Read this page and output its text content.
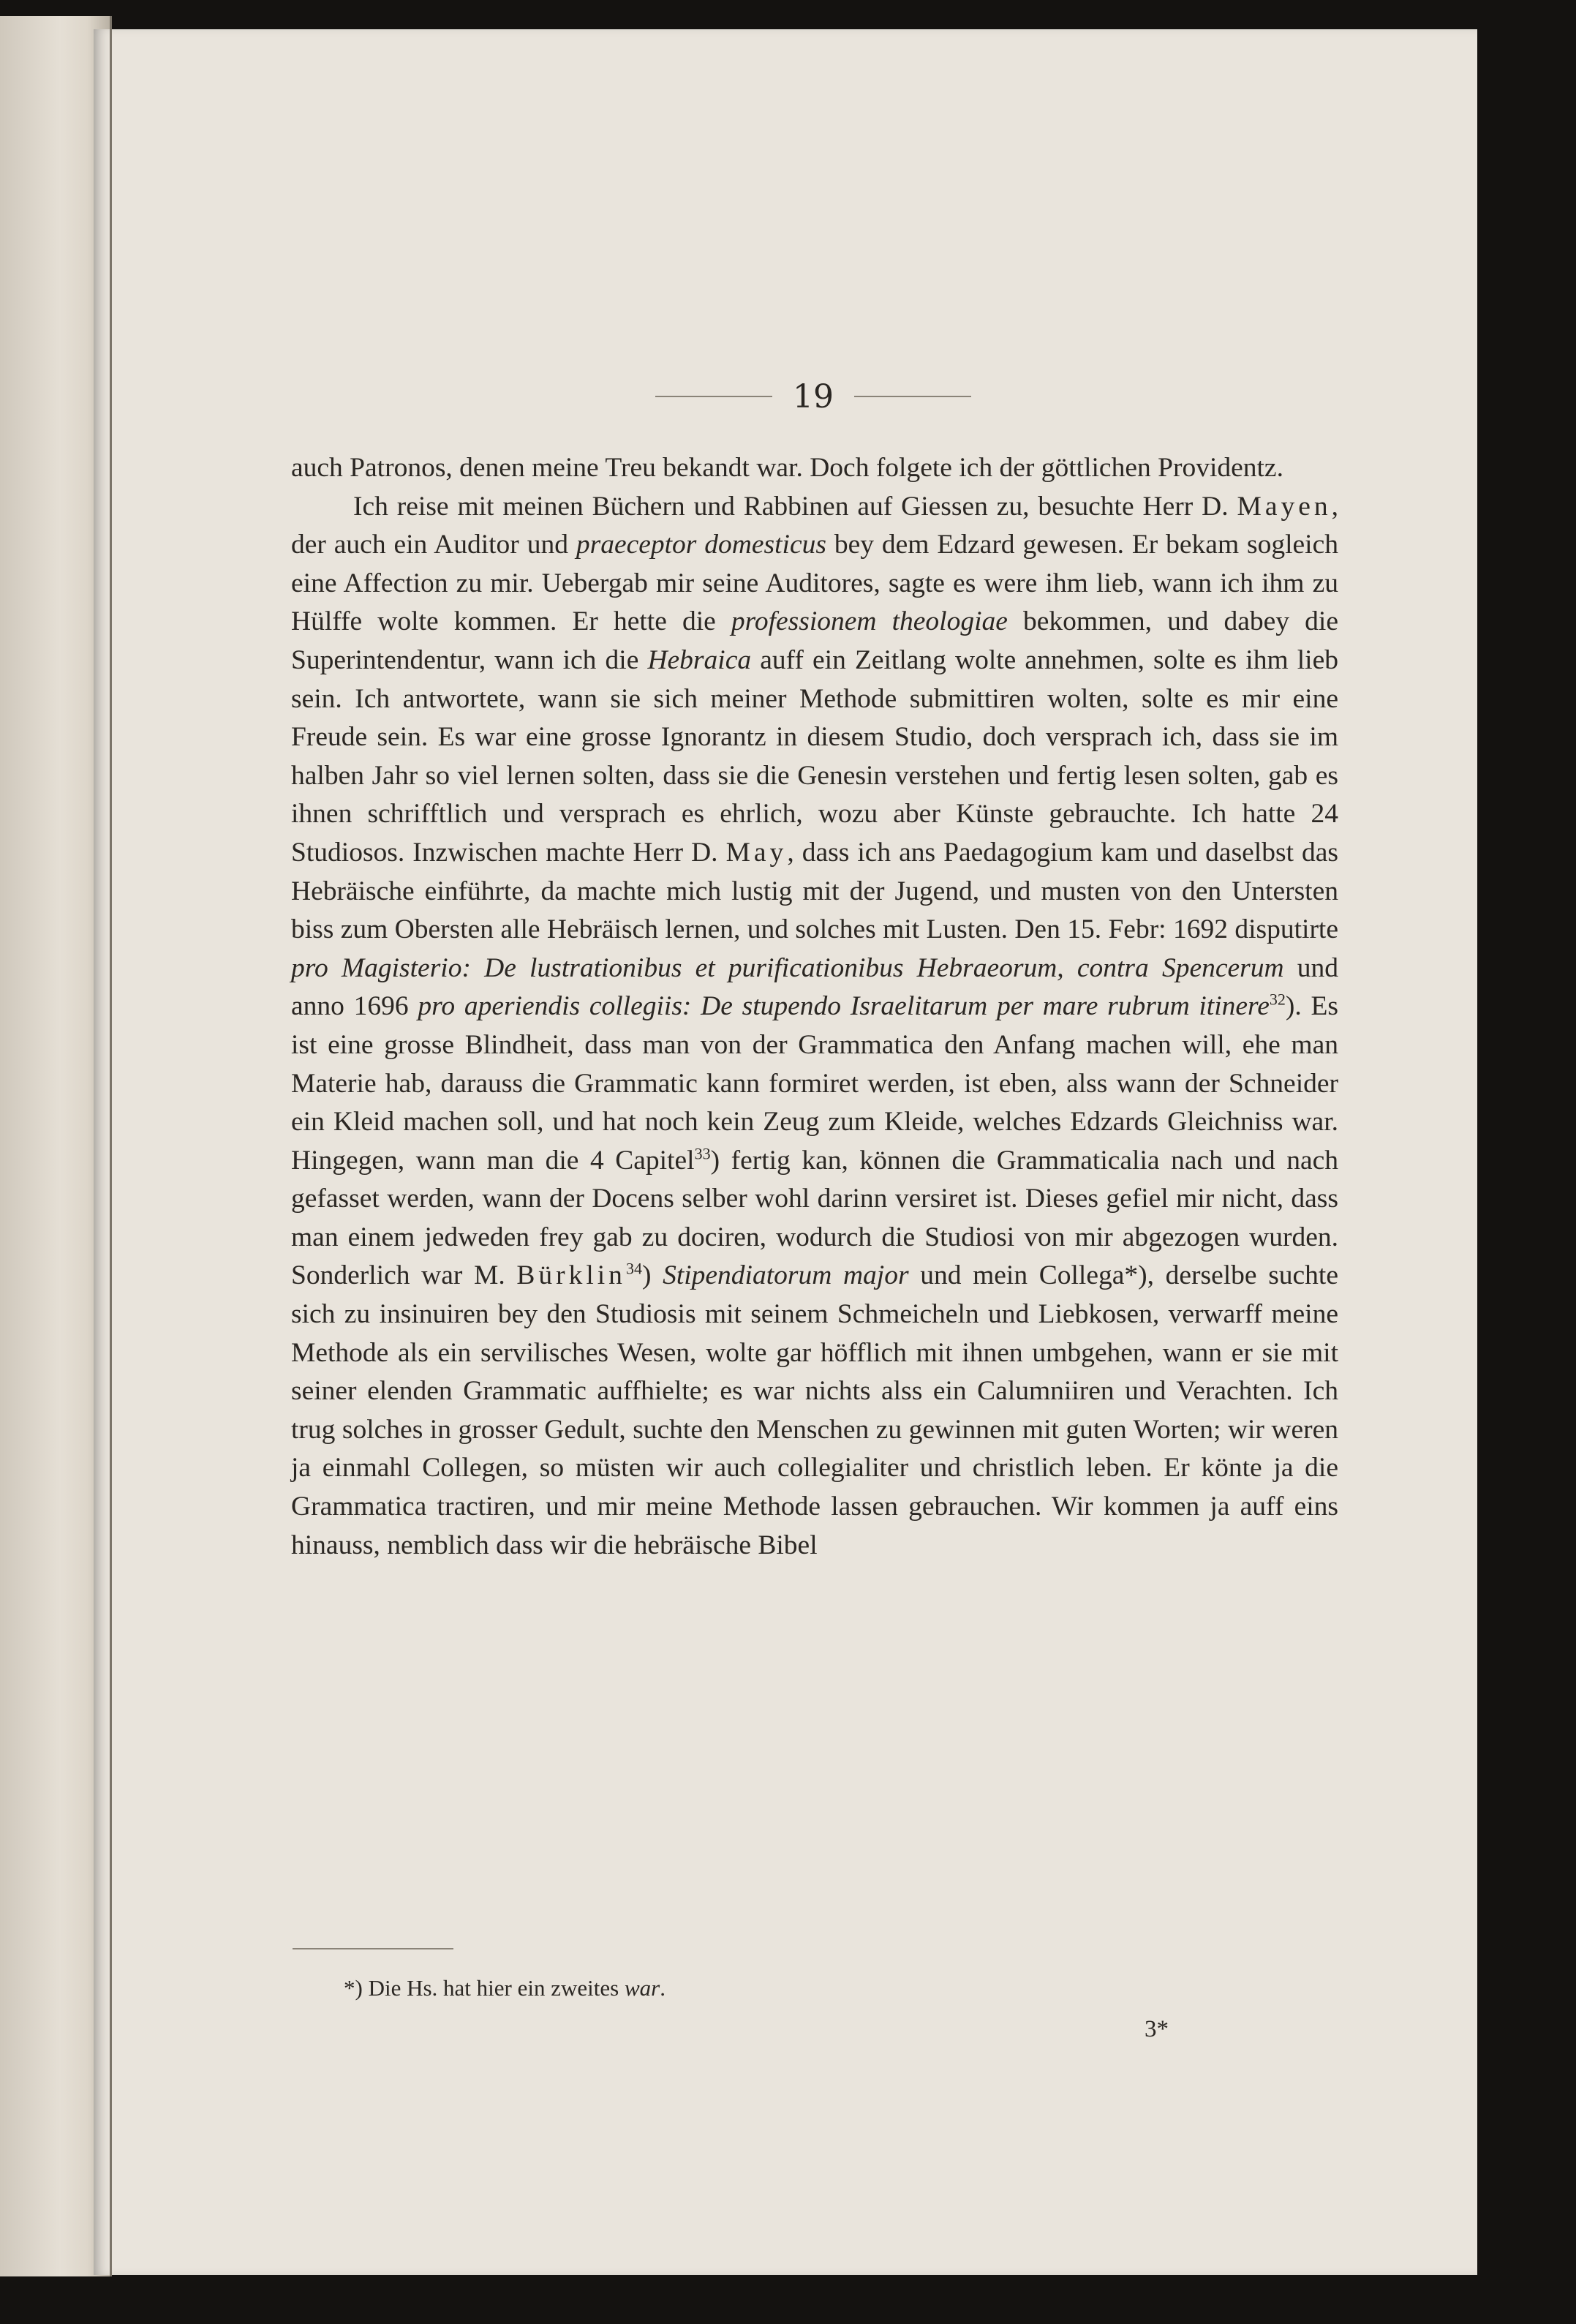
19

auch Patronos, denen meine Treu bekandt war. Doch folgete ich der göttlichen Providentz.

Ich reise mit meinen Büchern und Rabbinen auf Giessen zu, besuchte Herr D. Mayen, der auch ein Auditor und praeceptor domesticus bey dem Edzard gewesen. Er bekam sogleich eine Affection zu mir. Uebergab mir seine Auditores, sagte es were ihm lieb, wann ich ihm zu Hülffe wolte kommen. Er hette die professionem theologiae bekommen, und dabey die Superintendentur, wann ich die Hebraica auff ein Zeitlang wolte annehmen, solte es ihm lieb sein. Ich antwortete, wann sie sich meiner Methode submittiren wolten, solte es mir eine Freude sein. Es war eine grosse Ignorantz in diesem Studio, doch versprach ich, dass sie im halben Jahr so viel lernen solten, dass sie die Genesin verstehen und fertig lesen solten, gab es ihnen schrifftlich und versprach es ehrlich, wozu aber Künste gebrauchte. Ich hatte 24 Studiosos. Inzwischen machte Herr D. May, dass ich ans Paedagogium kam und daselbst das Hebräische einführte, da machte mich lustig mit der Jugend, und musten von den Untersten biss zum Obersten alle Hebräisch lernen, und solches mit Lusten. Den 15. Febr: 1692 disputirte pro Magisterio: De lustrationibus et purificationibus Hebraeorum, contra Spencerum und anno 1696 pro aperiendis collegiis: De stupendo Israelitarum per mare rubrum itinere$^{32}$). Es ist eine grosse Blindheit, dass man von der Grammatica den Anfang machen will, ehe man Materie hab, darauss die Grammatic kann formiret werden, ist eben, alss wann der Schneider ein Kleid machen soll, und hat noch kein Zeug zum Kleide, welches Edzards Gleichniss war. Hingegen, wann man die 4 Capitel$^{33}$) fertig kan, können die Grammaticalia nach und nach gefasset werden, wann der Docens selber wohl darinn versiret ist. Dieses gefiel mir nicht, dass man einem jedweden frey gab zu dociren, wodurch die Studiosi von mir abgezogen wurden. Sonderlich war M. Bürklin$^{34}$) Stipendiatorum major und mein Collega*), derselbe suchte sich zu insinuiren bey den Studiosis mit seinem Schmeicheln und Liebkosen, verwarff meine Methode als ein servilisches Wesen, wolte gar höfflich mit ihnen umbgehen, wann er sie mit seiner elenden Grammatic auffhielte; es war nichts alss ein Calumniiren und Verachten. Ich trug solches in grosser Gedult, suchte den Menschen zu gewinnen mit guten Worten; wir weren ja einmahl Collegen, so müsten wir auch collegialiter und christlich leben. Er könte ja die Grammatica tractiren, und mir meine Methode lassen gebrauchen. Wir kommen ja auff eins hinauss, nemblich dass wir die hebräische Bibel

*) Die Hs. hat hier ein zweites war.
3*
